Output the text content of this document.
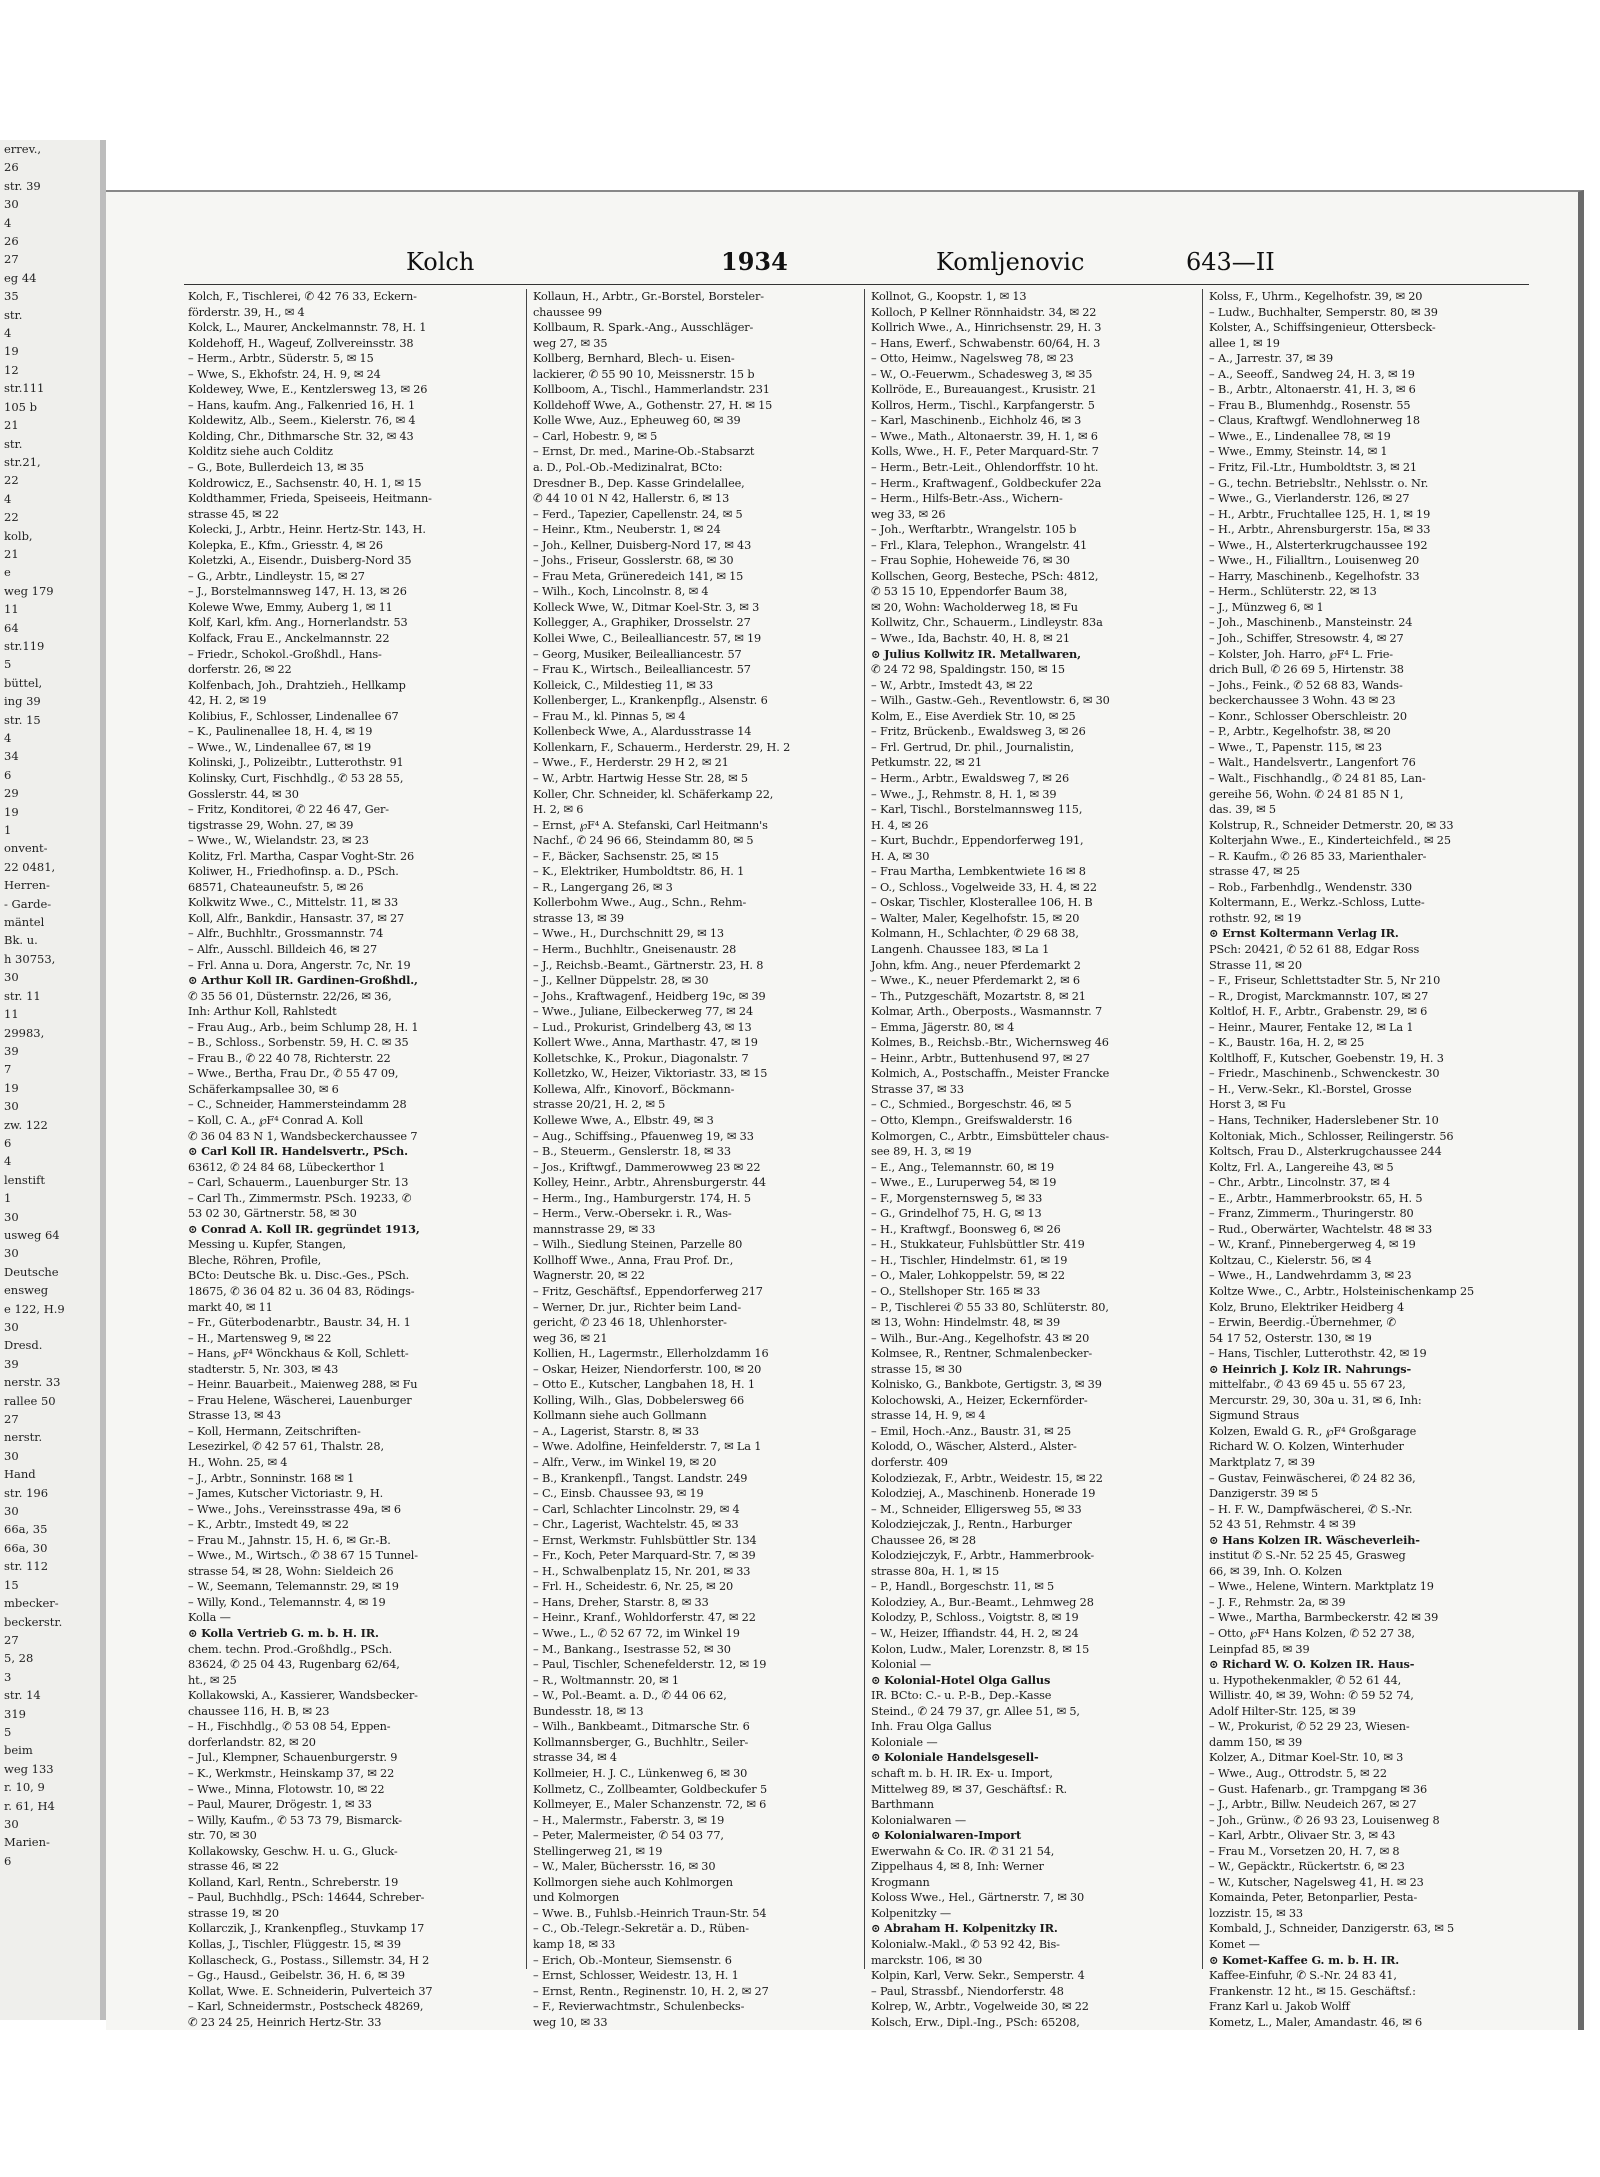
errev.,
26
str. 39
30
4
26
27
eg 44
35
str.
4
19
12
str.111
105 b
21
str.
str.21,
22
4
22
kolb,
21
e
weg 179
11
64
str.119
5
büttel,
ing 39
str. 15
4
34
6
29
19
1
onvent-
22 0481,
Herren-
- Garde-
mäntel
Bk. u.
h 30753,
30
str. 11
11
29983,
39
7
19
30
zw. 122
6
4
lenstift
1
30
usweg 64
30
Deutsche
ensweg
e 122, H.9
30
Dresd.
39
nerstr. 33
rallee 50
27
nerstr.
30
Hand
str. 196
30
66a, 35
66a, 30
str. 112
15
mbecker-
beckerstr.
27
5, 28
3
str. 14
319
5
beim
weg 133
r. 10, 9
r. 61, H4
30
Marien-
6
Kolch	1934	Komljenovic	643—II
Kolch, F., Tischlerei, ✆ 42 76 33, Eckern-
förderstr. 39, H., ✉ 4
Kolck, L., Maurer, Anckelmannstr. 78, H. 1
Koldehoff, H., Wageuf, Zollvereinsstr. 38
– Herm., Arbtr., Süderstr. 5, ✉ 15
– Wwe, S., Ekhofstr. 24, H. 9, ✉ 24
Koldewey, Wwe, E., Kentzlersweg 13, ✉ 26
– Hans, kaufm. Ang., Falkenried 16, H. 1
Koldewitz, Alb., Seem., Kielerstr. 76, ✉ 4
Kolding, Chr., Dithmarsche Str. 32, ✉ 43
Kolditz siehe auch Colditz
– G., Bote, Bullerdeich 13, ✉ 35
Koldrowicz, E., Sachsenstr. 40, H. 1, ✉ 15
Koldthammer, Frieda, Speiseeis, Heitmann-
strasse 45, ✉ 22
Kolecki, J., Arbtr., Heinr. Hertz-Str. 143, H.
Kolepka, E., Kfm., Griesstr. 4, ✉ 26
Koletzki, A., Eisendr., Duisberg-Nord 35
– G., Arbtr., Lindleystr. 15, ✉ 27
– J., Borstelmannsweg 147, H. 13, ✉ 26
Kolewe Wwe, Emmy, Auberg 1, ✉ 11
Kolf, Karl, kfm. Ang., Hornerlandstr. 53
Kolfack, Frau E., Anckelmannstr. 22
– Friedr., Schokol.-Großhdl., Hans-
dorferstr. 26, ✉ 22
Kolfenbach, Joh., Drahtzieh., Hellkamp
42, H. 2, ✉ 19
Kolibius, F., Schlosser, Lindenallee 67
– K., Paulinenallee 18, H. 4, ✉ 19
– Wwe., W., Lindenallee 67, ✉ 19
Kolinski, J., Polizeibtr., Lutterothstr. 91
Kolinsky, Curt, Fischhdlg., ✆ 53 28 55,
Gosslerstr. 44, ✉ 30
– Fritz, Konditorei, ✆ 22 46 47, Ger-
tigstrasse 29, Wohn. 27, ✉ 39
– Wwe., W., Wielandstr. 23, ✉ 23
Kolitz, Frl. Martha, Caspar Voght-Str. 26
Koliwer, H., Friedhofinsp. a. D., PSch.
68571, Chateauneufstr. 5, ✉ 26
Kolkwitz Wwe., C., Mittelstr. 11, ✉ 33
Koll, Alfr., Bankdir., Hansastr. 37, ✉ 27
– Alfr., Buchhltr., Grossmannstr. 74
– Alfr., Ausschl. Billdeich 46, ✉ 27
– Frl. Anna u. Dora, Angerstr. 7c, Nr. 19
⊙ Arthur Koll IR. Gardinen-Großhdl.,
✆ 35 56 01, Düsternstr. 22/26, ✉ 36,
Inh: Arthur Koll, Rahlstedt
– Frau Aug., Arb., beim Schlump 28, H. 1
– B., Schloss., Sorbenstr. 59, H. C. ✉ 35
– Frau B., ✆ 22 40 78, Richterstr. 22
– Wwe., Bertha, Frau Dr., ✆ 55 47 09,
Schäferkampsallee 30, ✉ 6
– C., Schneider, Hammersteindamm 28
– Koll, C. A., ℘F⁴ Conrad A. Koll
✆ 36 04 83 N 1, Wandsbeckerchaussee 7
⊙ Carl Koll IR. Handelsvertr., PSch.
63612, ✆ 24 84 68, Lübeckerthor 1
– Carl, Schauerm., Lauenburger Str. 13
– Carl Th., Zimmermstr. PSch. 19233, ✆
53 02 30, Gärtnerstr. 58, ✉ 30
⊙ Conrad A. Koll IR. gegründet 1913,
Messing u. Kupfer, Stangen,
Bleche, Röhren, Profile,
BCto: Deutsche Bk. u. Disc.-Ges., PSch.
18675, ✆ 36 04 82 u. 36 04 83, Rödings-
markt 40, ✉ 11
– Fr., Güterbodenarbtr., Baustr. 34, H. 1
– H., Martensweg 9, ✉ 22
– Hans, ℘F⁴ Wönckhaus & Koll, Schlett-
stadterstr. 5, Nr. 303, ✉ 43
– Heinr. Bauarbeit., Maienweg 288, ✉ Fu
– Frau Helene, Wäscherei, Lauenburger
Strasse 13, ✉ 43
– Koll, Hermann, Zeitschriften-
Lesezirkel, ✆ 42 57 61, Thalstr. 28,
H., Wohn. 25, ✉ 4
– J., Arbtr., Sonninstr. 168 ✉ 1
– James, Kutscher Victoriastr. 9, H.
– Wwe., Johs., Vereinsstrasse 49a, ✉ 6
– K., Arbtr., Imstedt 49, ✉ 22
– Frau M., Jahnstr. 15, H. 6, ✉ Gr.-B.
– Wwe., M., Wirtsch., ✆ 38 67 15 Tunnel-
strasse 54, ✉ 28, Wohn: Sieldeich 26
– W., Seemann, Telemannstr. 29, ✉ 19
– Willy, Kond., Telemannstr. 4, ✉ 19
Kolla —
⊙ Kolla Vertrieb G. m. b. H. IR.
chem. techn. Prod.-Großhdlg., PSch.
83624, ✆ 25 04 43, Rugenbarg 62/64,
ht., ✉ 25
Kollakowski, A., Kassierer, Wandsbecker-
chaussee 116, H. B, ✉ 23
– H., Fischhdlg., ✆ 53 08 54, Eppen-
dorferlandstr. 82, ✉ 20
– Jul., Klempner, Schauenburgerstr. 9
– K., Werkmstr., Heinskamp 37, ✉ 22
– Wwe., Minna, Flotowstr. 10, ✉ 22
– Paul, Maurer, Drögestr. 1, ✉ 33
– Willy, Kaufm., ✆ 53 73 79, Bismarck-
str. 70, ✉ 30
Kollakowsky, Geschw. H. u. G., Gluck-
strasse 46, ✉ 22
Kolland, Karl, Rentn., Schreberstr. 19
– Paul, Buchhdlg., PSch: 14644, Schreber-
strasse 19, ✉ 20
Kollarczik, J., Krankenpfleg., Stuvkamp 17
Kollas, J., Tischler, Flüggestr. 15, ✉ 39
Kollascheck, G., Postass., Sillemstr. 34, H 2
– Gg., Hausd., Geibelstr. 36, H. 6, ✉ 39
Kollat, Wwe. E. Schneiderin, Pulverteich 37
– Karl, Schneidermstr., Postscheck 48269,
✆ 23 24 25, Heinrich Hertz-Str. 33
Kollaun, H., Arbtr., Gr.-Borstel, Borsteler-
chaussee 99
Kollbaum, R. Spark.-Ang., Ausschläger-
weg 27, ✉ 35
Kollberg, Bernhard, Blech- u. Eisen-
lackierer, ✆ 55 90 10, Meissnerstr. 15 b
Kollboom, A., Tischl., Hammerlandstr. 231
Kolldehoff Wwe, A., Gothenstr. 27, H. ✉ 15
Kolle Wwe, Auz., Epheuweg 60, ✉ 39
– Carl, Hobestr. 9, ✉ 5
– Ernst, Dr. med., Marine-Ob.-Stabsarzt
a. D., Pol.-Ob.-Medizinalrat, BCto:
Dresdner B., Dep. Kasse Grindelallee,
✆ 44 10 01 N 42, Hallerstr. 6, ✉ 13
– Ferd., Tapezier, Capellenstr. 24, ✉ 5
– Heinr., Ktm., Neuberstr. 1, ✉ 24
– Joh., Kellner, Duisberg-Nord 17, ✉ 43
– Johs., Friseur, Gosslerstr. 68, ✉ 30
– Frau Meta, Grüneredeich 141, ✉ 15
– Wilh., Koch, Lincolnstr. 8, ✉ 4
Kolleck Wwe, W., Ditmar Koel-Str. 3, ✉ 3
Kollegger, A., Graphiker, Drosselstr. 27
Kollei Wwe, C., Beilealliancestr. 57, ✉ 19
– Georg, Musiker, Beilealliancestr. 57
– Frau K., Wirtsch., Beilealliancestr. 57
Kolleick, C., Mildestieg 11, ✉ 33
Kollenberger, L., Krankenpflg., Alsenstr. 6
– Frau M., kl. Pinnas 5, ✉ 4
Kollenbeck Wwe, A., Alardusstrasse 14
Kollenkarn, F., Schauerm., Herderstr. 29, H. 2
– Wwe., F., Herderstr. 29 H 2, ✉ 21
– W., Arbtr. Hartwig Hesse Str. 28, ✉ 5
Koller, Chr. Schneider, kl. Schäferkamp 22,
H. 2, ✉ 6
– Ernst, ℘F⁴ A. Stefanski, Carl Heitmann's
Nachf., ✆ 24 96 66, Steindamm 80, ✉ 5
– F., Bäcker, Sachsenstr. 25, ✉ 15
– K., Elektriker, Humboldtstr. 86, H. 1
– R., Langergang 26, ✉ 3
Kollerbohm Wwe., Aug., Schn., Rehm-
strasse 13, ✉ 39
– Wwe., H., Durchschnitt 29, ✉ 13
– Herm., Buchhltr., Gneisenaustr. 28
– J., Reichsb.-Beamt., Gärtnerstr. 23, H. 8
– J., Kellner Düppelstr. 28, ✉ 30
– Johs., Kraftwagenf., Heidberg 19c, ✉ 39
– Wwe., Juliane, Eilbeckerweg 77, ✉ 24
– Lud., Prokurist, Grindelberg 43, ✉ 13
Kollert Wwe., Anna, Marthastr. 47, ✉ 19
Kolletschke, K., Prokur., Diagonalstr. 7
Kolletzko, W., Heizer, Viktoriastr. 33, ✉ 15
Kollewa, Alfr., Kinovorf., Böckmann-
strasse 20/21, H. 2, ✉ 5
Kollewe Wwe, A., Elbstr. 49, ✉ 3
– Aug., Schiffsing., Pfauenweg 19, ✉ 33
– B., Steuerm., Genslerstr. 18, ✉ 33
– Jos., Kriftwgf., Dammerowweg 23 ✉ 22
Kolley, Heinr., Arbtr., Ahrensburgerstr. 44
– Herm., Ing., Hamburgerstr. 174, H. 5
– Herm., Verw.-Obersekr. i. R., Was-
mannstrasse 29, ✉ 33
– Wilh., Siedlung Steinen, Parzelle 80
Kollhoff Wwe., Anna, Frau Prof. Dr.,
Wagnerstr. 20, ✉ 22
– Fritz, Geschäftsf., Eppendorferweg 217
– Werner, Dr. jur., Richter beim Land-
gericht, ✆ 23 46 18, Uhlenhorster-
weg 36, ✉ 21
Kollien, H., Lagermstr., Ellerholzdamm 16
– Oskar, Heizer, Niendorferstr. 100, ✉ 20
– Otto E., Kutscher, Langbahen 18, H. 1
Kolling, Wilh., Glas, Dobbelersweg 66
Kollmann siehe auch Gollmann
– A., Lagerist, Starstr. 8, ✉ 33
– Wwe. Adolfine, Heinfelderstr. 7, ✉ La 1
– Alfr., Verw., im Winkel 19, ✉ 20
– B., Krankenpfl., Tangst. Landstr. 249
– C., Einsb. Chaussee 93, ✉ 19
– Carl, Schlachter Lincolnstr. 29, ✉ 4
– Chr., Lagerist, Wachtelstr. 45, ✉ 33
– Ernst, Werkmstr. Fuhlsbüttler Str. 134
– Fr., Koch, Peter Marquard-Str. 7, ✉ 39
– H., Schwalbenplatz 15, Nr. 201, ✉ 33
– Frl. H., Scheidestr. 6, Nr. 25, ✉ 20
– Hans, Dreher, Starstr. 8, ✉ 33
– Heinr., Kranf., Wohldorferstr. 47, ✉ 22
– Wwe., L., ✆ 52 67 72, im Winkel 19
– M., Bankang., Isestrasse 52, ✉ 30
– Paul, Tischler, Schenefelderstr. 12, ✉ 19
– R., Woltmannstr. 20, ✉ 1
– W., Pol.-Beamt. a. D., ✆ 44 06 62,
Bundesstr. 18, ✉ 13
– Wilh., Bankbeamt., Ditmarsche Str. 6
Kollmannsberger, G., Buchhltr., Seiler-
strasse 34, ✉ 4
Kollmeier, H. J. C., Lünkenweg 6, ✉ 30
Kollmetz, C., Zollbeamter, Goldbeckufer 5
Kollmeyer, E., Maler Schanzenstr. 72, ✉ 6
– H., Malermstr., Faberstr. 3, ✉ 19
– Peter, Malermeister, ✆ 54 03 77,
Stellingerweg 21, ✉ 19
– W., Maler, Büchersstr. 16, ✉ 30
Kollmorgen siehe auch Kohlmorgen
und Kolmorgen
– Wwe. B., Fuhlsb.-Heinrich Traun-Str. 54
– C., Ob.-Telegr.-Sekretär a. D., Rüben-
kamp 18, ✉ 33
– Erich, Ob.-Monteur, Siemsenstr. 6
– Ernst, Schlosser, Weidestr. 13, H. 1
– Ernst, Rentn., Reginenstr. 10, H. 2, ✉ 27
– F., Revierwachtmstr., Schulenbecks-
weg 10, ✉ 33
Kollnot, G., Koopstr. 1, ✉ 13
Kolloch, P Kellner Rönnhaidstr. 34, ✉ 22
Kollrich Wwe., A., Hinrichsenstr. 29, H. 3
– Hans, Ewerf., Schwabenstr. 60/64, H. 3
– Otto, Heimw., Nagelsweg 78, ✉ 23
– W., O.-Feuerwm., Schadesweg 3, ✉ 35
Kollröde, E., Bureauangest., Krusistr. 21
Kollros, Herm., Tischl., Karpfangerstr. 5
– Karl, Maschinenb., Eichholz 46, ✉ 3
– Wwe., Math., Altonaerstr. 39, H. 1, ✉ 6
Kolls, Wwe., H. F., Peter Marquard-Str. 7
– Herm., Betr.-Leit., Ohlendorffstr. 10 ht.
– Herm., Kraftwagenf., Goldbeckufer 22a
– Herm., Hilfs-Betr.-Ass., Wichern-
weg 33, ✉ 26
– Joh., Werftarbtr., Wrangelstr. 105 b
– Frl., Klara, Telephon., Wrangelstr. 41
– Frau Sophie, Hoheweide 76, ✉ 30
Kollschen, Georg, Besteche, PSch: 4812,
✆ 53 15 10, Eppendorfer Baum 38,
✉ 20, Wohn: Wacholderweg 18, ✉ Fu
Kollwitz, Chr., Schauerm., Lindleystr. 83a
– Wwe., Ida, Bachstr. 40, H. 8, ✉ 21
⊙ Julius Kollwitz IR. Metallwaren,
✆ 24 72 98, Spaldingstr. 150, ✉ 15
– W., Arbtr., Imstedt 43, ✉ 22
– Wilh., Gastw.-Geh., Reventlowstr. 6, ✉ 30
Kolm, E., Eise Averdiek Str. 10, ✉ 25
– Fritz, Brückenb., Ewaldsweg 3, ✉ 26
– Frl. Gertrud, Dr. phil., Journalistin,
Petkumstr. 22, ✉ 21
– Herm., Arbtr., Ewaldsweg 7, ✉ 26
– Wwe., J., Rehmstr. 8, H. 1, ✉ 39
– Karl, Tischl., Borstelmannsweg 115,
H. 4, ✉ 26
– Kurt, Buchdr., Eppendorferweg 191,
H. A, ✉ 30
– Frau Martha, Lembkentwiete 16 ✉ 8
– O., Schloss., Vogelweide 33, H. 4, ✉ 22
– Oskar, Tischler, Klosterallee 106, H. B
– Walter, Maler, Kegelhofstr. 15, ✉ 20
Kolmann, H., Schlachter, ✆ 29 68 38,
Langenh. Chaussee 183, ✉ La 1
John, kfm. Ang., neuer Pferdemarkt 2
– Wwe., K., neuer Pferdemarkt 2, ✉ 6
– Th., Putzgeschäft, Mozartstr. 8, ✉ 21
Kolmar, Arth., Oberposts., Wasmannstr. 7
– Emma, Jägerstr. 80, ✉ 4
Kolmes, B., Reichsb.-Btr., Wichernsweg 46
– Heinr., Arbtr., Buttenhusend 97, ✉ 27
Kolmich, A., Postschaffn., Meister Francke
Strasse 37, ✉ 33
– C., Schmied., Borgeschstr. 46, ✉ 5
– Otto, Klempn., Greifswalderstr. 16
Kolmorgen, C., Arbtr., Eimsbütteler chaus-
see 89, H. 3, ✉ 19
– E., Ang., Telemannstr. 60, ✉ 19
– Wwe., E., Luruperweg 54, ✉ 19
– F., Morgensternsweg 5, ✉ 33
– G., Grindelhof 75, H. G, ✉ 13
– H., Kraftwgf., Boonsweg 6, ✉ 26
– H., Stukkateur, Fuhlsbüttler Str. 419
– H., Tischler, Hindelmstr. 61, ✉ 19
– O., Maler, Lohkoppelstr. 59, ✉ 22
– O., Stellshoper Str. 165 ✉ 33
– P., Tischlerei ✆ 55 33 80, Schlüterstr. 80,
✉ 13, Wohn: Hindelmstr. 48, ✉ 39
– Wilh., Bur.-Ang., Kegelhofstr. 43 ✉ 20
Kolmsee, R., Rentner, Schmalenbecker-
strasse 15, ✉ 30
Kolnisko, G., Bankbote, Gertigstr. 3, ✉ 39
Kolochowski, A., Heizer, Eckernförder-
strasse 14, H. 9, ✉ 4
– Emil, Hoch.-Anz., Baustr. 31, ✉ 25
Kolodd, O., Wäscher, Alsterd., Alster-
dorferstr. 409
Kolodziezak, F., Arbtr., Weidestr. 15, ✉ 22
Kolodziej, A., Maschinenb. Honerade 19
– M., Schneider, Elligersweg 55, ✉ 33
Kolodziejczak, J., Rentn., Harburger
Chaussee 26, ✉ 28
Kolodziejczyk, F., Arbtr., Hammerbrook-
strasse 80a, H. 1, ✉ 15
– P., Handl., Borgeschstr. 11, ✉ 5
Kolodziey, A., Bur.-Beamt., Lehmweg 28
Kolodzy, P., Schloss., Voigtstr. 8, ✉ 19
– W., Heizer, Iffiandstr. 44, H. 2, ✉ 24
Kolon, Ludw., Maler, Lorenzstr. 8, ✉ 15
Kolonial —
⊙ Kolonial-Hotel Olga Gallus
IR. BCto: C.- u. P.-B., Dep.-Kasse
Steind., ✆ 24 79 37, gr. Allee 51, ✉ 5,
Inh. Frau Olga Gallus
Koloniale —
⊙ Koloniale Handelsgesell-
schaft m. b. H. IR. Ex- u. Import,
Mittelweg 89, ✉ 37, Geschäftsf.: R.
Barthmann
Kolonialwaren —
⊙ Kolonialwaren-Import
Ewerwahn & Co. IR. ✆ 31 21 54,
Zippelhaus 4, ✉ 8, Inh: Werner
Krogmann
Koloss Wwe., Hel., Gärtnerstr. 7, ✉ 30
Kolpenitzky —
⊙ Abraham H. Kolpenitzky IR.
Kolonialw.-Makl., ✆ 53 92 42, Bis-
marckstr. 106, ✉ 30
Kolpin, Karl, Verw. Sekr., Semperstr. 4
– Paul, Strassbf., Niendorferstr. 48
Kolrep, W., Arbtr., Vogelweide 30, ✉ 22
Kolsch, Erw., Dipl.-Ing., PSch: 65208,
Kolss, F., Uhrm., Kegelhofstr. 39, ✉ 20
– Ludw., Buchhalter, Semperstr. 80, ✉ 39
Kolster, A., Schiffsingenieur, Ottersbeck-
allee 1, ✉ 19
– A., Jarrestr. 37, ✉ 39
– A., Seeoff., Sandweg 24, H. 3, ✉ 19
– B., Arbtr., Altonaerstr. 41, H. 3, ✉ 6
– Frau B., Blumenhdg., Rosenstr. 55
– Claus, Kraftwgf. Wendlohnerweg 18
– Wwe., E., Lindenallee 78, ✉ 19
– Wwe., Emmy, Steinstr. 14, ✉ 1
– Fritz, Fil.-Ltr., Humboldtstr. 3, ✉ 21
– G., techn. Betriebsltr., Nehlsstr. o. Nr.
– Wwe., G., Vierlanderstr. 126, ✉ 27
– H., Arbtr., Fruchtallee 125, H. 1, ✉ 19
– H., Arbtr., Ahrensburgerstr. 15a, ✉ 33
– Wwe., H., Alsterterkrugchaussee 192
– Wwe., H., Filialltrn., Louisenweg 20
– Harry, Maschinenb., Kegelhofstr. 33
– Herm., Schlüterstr. 22, ✉ 13
– J., Münzweg 6, ✉ 1
– Joh., Maschinenb., Mansteinstr. 24
– Joh., Schiffer, Stresowstr. 4, ✉ 27
– Kolster, Joh. Harro, ℘F⁴ L. Frie-
drich Bull, ✆ 26 69 5, Hirtenstr. 38
– Johs., Feink., ✆ 52 68 83, Wands-
beckerchaussee 3 Wohn. 43 ✉ 23
– Konr., Schlosser Oberschleistr. 20
– P., Arbtr., Kegelhofstr. 38, ✉ 20
– Wwe., T., Papenstr. 115, ✉ 23
– Walt., Handelsvertr., Langenfort 76
– Walt., Fischhandlg., ✆ 24 81 85, Lan-
gereihe 56, Wohn. ✆ 24 81 85 N 1,
das. 39, ✉ 5
Kolstrup, R., Schneider Detmerstr. 20, ✉ 33
Kolterjahn Wwe., E., Kinderteichfeld., ✉ 25
– R. Kaufm., ✆ 26 85 33, Marienthaler-
strasse 47, ✉ 25
– Rob., Farbenhdlg., Wendenstr. 330
Koltermann, E., Werkz.-Schloss, Lutte-
rothstr. 92, ✉ 19
⊙ Ernst Koltermann Verlag IR.
PSch: 20421, ✆ 52 61 88, Edgar Ross
Strasse 11, ✉ 20
– F., Friseur, Schlettstadter Str. 5, Nr 210
– R., Drogist, Marckmannstr. 107, ✉ 27
Koltlof, H. F., Arbtr., Grabenstr. 29, ✉ 6
– Heinr., Maurer, Fentake 12, ✉ La 1
– K., Baustr. 16a, H. 2, ✉ 25
Koltlhoff, F., Kutscher, Goebenstr. 19, H. 3
– Friedr., Maschinenb., Schwenckestr. 30
– H., Verw.-Sekr., Kl.-Borstel, Grosse
Horst 3, ✉ Fu
– Hans, Techniker, Haderslebener Str. 10
Koltoniak, Mich., Schlosser, Reilingerstr. 56
Koltsch, Frau D., Alsterkrugchaussee 244
Koltz, Frl. A., Langereihe 43, ✉ 5
– Chr., Arbtr., Lincolnstr. 37, ✉ 4
– E., Arbtr., Hammerbrookstr. 65, H. 5
– Franz, Zimmerm., Thuringerstr. 80
– Rud., Oberwärter, Wachtelstr. 48 ✉ 33
– W., Kranf., Pinnebergerweg 4, ✉ 19
Koltzau, C., Kielerstr. 56, ✉ 4
– Wwe., H., Landwehrdamm 3, ✉ 23
Koltze Wwe., C., Arbtr., Holsteinischenkamp 25
Kolz, Bruno, Elektriker Heidberg 4
– Erwin, Beerdig.-Übernehmer, ✆
54 17 52, Osterstr. 130, ✉ 19
– Hans, Tischler, Lutterothstr. 42, ✉ 19
⊙ Heinrich J. Kolz IR. Nahrungs-
mittelfabr., ✆ 43 69 45 u. 55 67 23,
Mercurstr. 29, 30, 30a u. 31, ✉ 6, Inh:
Sigmund Straus
Kolzen, Ewald G. R., ℘F⁴ Großgarage
Richard W. O. Kolzen, Winterhuder
Marktplatz 7, ✉ 39
– Gustav, Feinwäscherei, ✆ 24 82 36,
Danzigerstr. 39 ✉ 5
– H. F. W., Dampfwäscherei, ✆ S.-Nr.
52 43 51, Rehmstr. 4 ✉ 39
⊙ Hans Kolzen IR. Wäscheverleih-
institut ✆ S.-Nr. 52 25 45, Grasweg
66, ✉ 39, Inh. O. Kolzen
– Wwe., Helene, Wintern. Marktplatz 19
– J. F., Rehmstr. 2a, ✉ 39
– Wwe., Martha, Barmbeckerstr. 42 ✉ 39
– Otto, ℘F⁴ Hans Kolzen, ✆ 52 27 38,
Leinpfad 85, ✉ 39
⊙ Richard W. O. Kolzen IR. Haus-
u. Hypothekenmakler, ✆ 52 61 44,
Willistr. 40, ✉ 39, Wohn: ✆ 59 52 74,
Adolf Hilter-Str. 125, ✉ 39
– W., Prokurist, ✆ 52 29 23, Wiesen-
damm 150, ✉ 39
Kolzer, A., Ditmar Koel-Str. 10, ✉ 3
– Wwe., Aug., Ottrodstr. 5, ✉ 22
– Gust. Hafenarb., gr. Trampgang ✉ 36
– J., Arbtr., Billw. Neudeich 267, ✉ 27
– Joh., Grünw., ✆ 26 93 23, Louisenweg 8
– Karl, Arbtr., Olivaer Str. 3, ✉ 43
– Frau M., Vorsetzen 20, H. 7, ✉ 8
– W., Gepäcktr., Rückertstr. 6, ✉ 23
– W., Kutscher, Nagelsweg 41, H. ✉ 23
Komainda, Peter, Betonparlier, Pesta-
lozzistr. 15, ✉ 33
Kombald, J., Schneider, Danzigerstr. 63, ✉ 5
Komet —
⊙ Komet-Kaffee G. m. b. H. IR.
Kaffee-Einfuhr, ✆ S.-Nr. 24 83 41,
Frankenstr. 12 ht., ✉ 15. Geschäftsf.:
Franz Karl u. Jakob Wolff
Kometz, L., Maler, Amandastr. 46, ✉ 6
